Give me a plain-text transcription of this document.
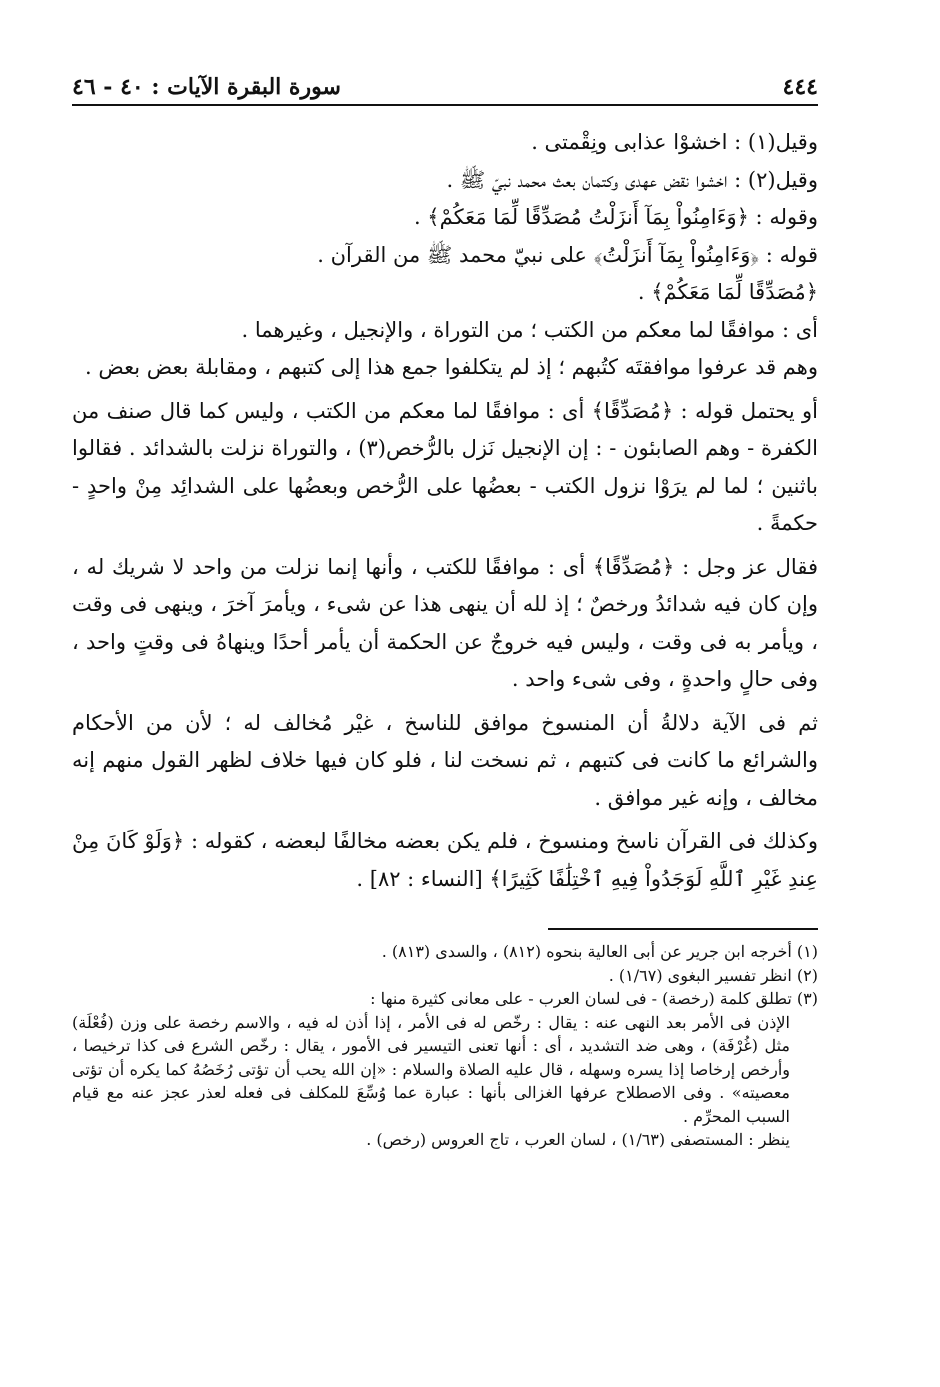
٤٤٤
سورة البقرة الآيات : ٤٠ - ٤٦

وقيل(١) : اخشوْا عذابى ونِقْمتى .

وقيل(٢) : اخشوا نقض عهدى وكتمان بعث محمد نبيّ ﷺ .

وقوله : ﴿وَءَامِنُواْ بِمَآ أَنزَلْتُ مُصَدِّقًا لِّمَا مَعَكُمْ﴾ .

قوله : ﴿وَءَامِنُواْ بِمَآ أَنزَلْتُ﴾ على نبيّ محمد ﷺ من القرآن .

﴿مُصَدِّقًا لِّمَا مَعَكُمْ﴾ .

أى : موافقًا لما معكم من الكتب ؛ من التوراة ، والإنجيل ، وغيرهما .

وهم قد عرفوا موافقتَه كتُبهم ؛ إذ لم يتكلفوا جمع هذا إلى كتبهم ، ومقابلة بعض بعض .

أو يحتمل قوله : ﴿مُصَدِّقًا﴾ أى : موافقًا لما معكم من الكتب ، وليس كما قال صنف من الكفرة - وهم الصابئون - : إن الإنجيل نَزل بالرُّخص(٣) ، والتوراة نزلت بالشدائد . فقالوا باثنين ؛ لما لم يرَوْا نزول الكتب - بعضُها على الرُّخص وبعضُها على الشدائِد مِنْ واحدٍ - حكمةً .

فقال عز وجل : ﴿مُصَدِّقًا﴾ أى : موافقًا للكتب ، وأنها إنما نزلت من واحد لا شريك له ، وإن كان فيه شدائدُ ورخصٌ ؛ إذ لله أن ينهى هذا عن شىء ، ويأمرَ آخرَ ، وينهى فى وقت ، ويأمر به فى وقت ، وليس فيه خروجٌ عن الحكمة أن يأمر أحدًا وينهاهُ فى وقتٍ واحد ، وفى حالٍ واحدةٍ ، وفى شىء واحد .

ثم فى الآية دلالةُ أن المنسوخ موافق للناسخ ، غيْر مُخالف له ؛ لأن من الأحكام والشرائع ما كانت فى كتبهم ، ثم نسخت لنا ، فلو كان فيها خلاف لظهر القول منهم إنه مخالف ، وإنه غير موافق .

وكذلك فى القرآن ناسخ ومنسوخ ، فلم يكن بعضه مخالفًا لبعضه ، كقوله : ﴿وَلَوْ كَانَ مِنْ عِندِ غَيْرِ ٱللَّهِ لَوَجَدُواْ فِيهِ ٱخْتِلَٰفًا كَثِيرًا﴾ [النساء : ٨٢] .

(١) أخرجه ابن جرير عن أبى العالية بنحوه (٨١٢) ، والسدى (٨١٣) .

(٢) انظر تفسير البغوى (١/٦٧) .

(٣) تطلق كلمة (رخصة) - فى لسان العرب - على معانى كثيرة منها :

الإذن فى الأمر بعد النهى عنه : يقال : رخّص له فى الأمر ، إذا أذن له فيه ، والاسم رخصة على وزن (فُعْلَة) مثل (غُرْفَة) ، وهى ضد التشديد ، أى : أنها تعنى التيسير فى الأمور ، يقال : رخّص الشرع فى كذا ترخيصا ، وأرخص إرخاصا إذا يسره وسهله ، قال عليه الصلاة والسلام : «إن الله يحب أن تؤتى رُخَصُهُ كما يكره أن تؤتى معصيته» . وفى الاصطلاح عرفها الغزالى بأنها : عبارة عما وُسِّعَ للمكلف فى فعله لعذر عجز عنه مع قيام السبب المحرِّم .

ينظر : المستصفى (١/٦٣) ، لسان العرب ، تاج العروس (رخص) .
